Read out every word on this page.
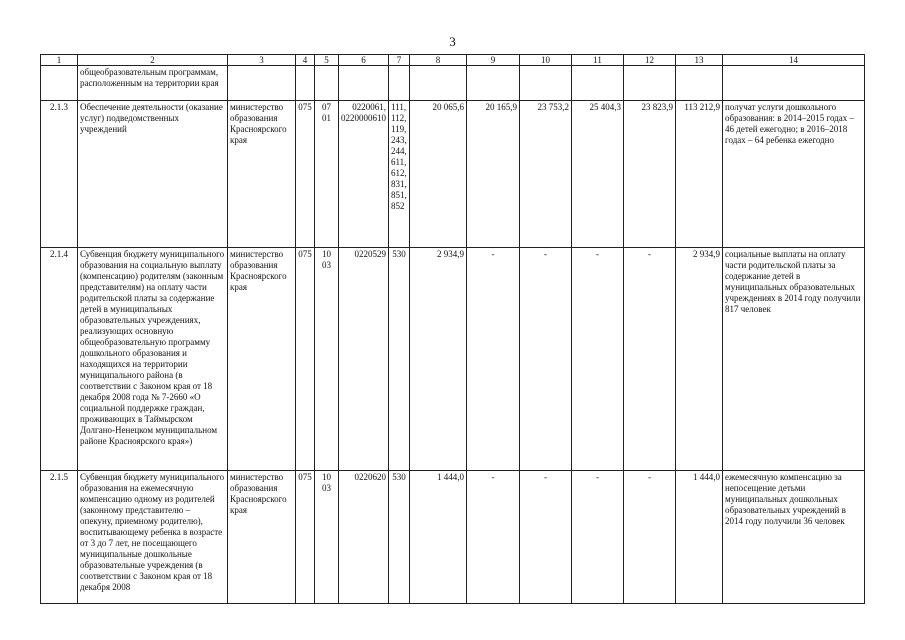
3
1	2	3	4	5	6	7	8	9	10	11	12	13	14
	общеобразовательным программам, расположенным на территории края												
2.1.3	Обеспечение деятельности (оказание услуг) подведомственных учреждений	министерство образования Красноярского края	075	07 01	0220061, 0220000610	111, 112, 119, 243, 244, 611, 612, 831, 851, 852	20 065,6	20 165,9	23 753,2	25 404,3	23 823,9	113 212,9	получат услуги дошкольного образования: в 2014–2015 годах – 46 детей ежегодно; в 2016–2018 годах – 64 ребенка ежегодно
2.1.4	Субвенция бюджету муниципального образования на социальную выплату (компенсацию) родителям (законным представителям) на оплату части родительской платы за содержание детей в муниципальных образовательных учреждениях, реализующих основную общеобразовательную программу дошкольного образования и находящихся на территории муниципального района (в соответствии с Законом края от 18 декабря 2008 года № 7-2660 «О социальной поддержке граждан, проживающих в Таймырском Долгано-Ненецком муниципальном районе Красноярского края»)	министерство образования Красноярского края	075	10 03	0220529	530	2 934,9	-	-	-	-	2 934,9	социальные выплаты на оплату части родительской платы за содержание детей в муниципальных образовательных учреждениях в 2014 году получили 817 человек
2.1.5	Субвенция бюджету муниципального образования на ежемесячную компенсацию одному из родителей (законному представителю – опекуну, приемному родителю), воспитывающему ребенка в возрасте от 3 до 7 лет, не посещающего муниципальные дошкольные образовательные учреждения (в соответствии с Законом края от 18 декабря 2008	министерство образования Красноярского края	075	10 03	0220620	530	1 444,0	-	-	-	-	1 444,0	ежемесячную компенсацию за непосещение детьми муниципальных дошкольных образовательных учреждений в 2014 году получили 36 человек
